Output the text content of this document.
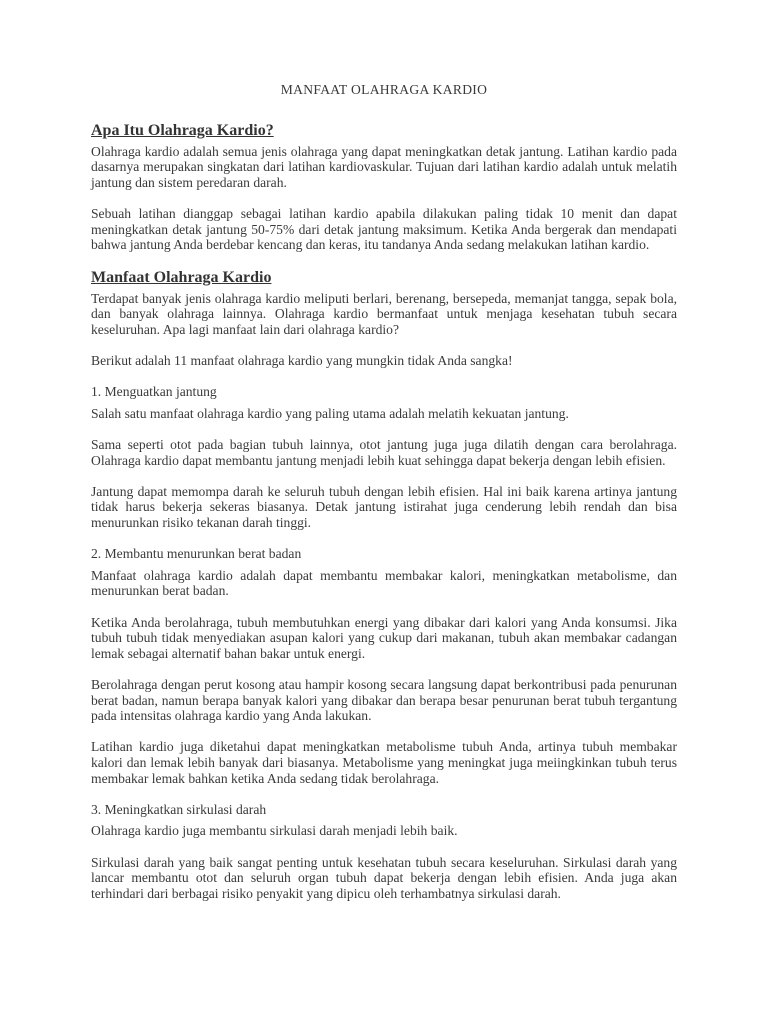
MANFAAT OLAHRAGA KARDIO
Apa Itu Olahraga Kardio?

Olahraga kardio adalah semua jenis olahraga yang dapat meningkatkan detak jantung. Latihan kardio pada dasarnya merupakan singkatan dari latihan kardiovaskular. Tujuan dari latihan kardio adalah untuk melatih jantung dan sistem peredaran darah.

Sebuah latihan dianggap sebagai latihan kardio apabila dilakukan paling tidak 10 menit dan dapat meningkatkan detak jantung 50-75% dari detak jantung maksimum. Ketika Anda bergerak dan mendapati bahwa jantung Anda berdebar kencang dan keras, itu tandanya Anda sedang melakukan latihan kardio.

Manfaat Olahraga Kardio

Terdapat banyak jenis olahraga kardio meliputi berlari, berenang, bersepeda, memanjat tangga, sepak bola, dan banyak olahraga lainnya. Olahraga kardio bermanfaat untuk menjaga kesehatan tubuh secara keseluruhan. Apa lagi manfaat lain dari olahraga kardio?

Berikut adalah 11 manfaat olahraga kardio yang mungkin tidak Anda sangka!

1. Menguatkan jantung

Salah satu manfaat olahraga kardio yang paling utama adalah melatih kekuatan jantung.

Sama seperti otot pada bagian tubuh lainnya, otot jantung juga juga dilatih dengan cara berolahraga. Olahraga kardio dapat membantu jantung menjadi lebih kuat sehingga dapat bekerja dengan lebih efisien.

Jantung dapat memompa darah ke seluruh tubuh dengan lebih efisien. Hal ini baik karena artinya jantung tidak harus bekerja sekeras biasanya. Detak jantung istirahat juga cenderung lebih rendah dan bisa menurunkan risiko tekanan darah tinggi.

2. Membantu menurunkan berat badan

Manfaat olahraga kardio adalah dapat membantu membakar kalori, meningkatkan metabolisme, dan menurunkan berat badan.

Ketika Anda berolahraga, tubuh membutuhkan energi yang dibakar dari kalori yang Anda konsumsi. Jika tubuh tubuh tidak menyediakan asupan kalori yang cukup dari makanan, tubuh akan membakar cadangan lemak sebagai alternatif bahan bakar untuk energi.

Berolahraga dengan perut kosong atau hampir kosong secara langsung dapat berkontribusi pada penurunan berat badan, namun berapa banyak kalori yang dibakar dan berapa besar penurunan berat tubuh tergantung pada intensitas olahraga kardio yang Anda lakukan.

Latihan kardio juga diketahui dapat meningkatkan metabolisme tubuh Anda, artinya tubuh membakar kalori dan lemak lebih banyak dari biasanya. Metabolisme yang meningkat juga meiingkinkan tubuh terus membakar lemak bahkan ketika Anda sedang tidak berolahraga.

3. Meningkatkan sirkulasi darah

Olahraga kardio juga membantu sirkulasi darah menjadi lebih baik.

Sirkulasi darah yang baik sangat penting untuk kesehatan tubuh secara keseluruhan. Sirkulasi darah yang lancar membantu otot dan seluruh organ tubuh dapat bekerja dengan lebih efisien. Anda juga akan terhindari dari berbagai risiko penyakit yang dipicu oleh terhambatnya sirkulasi darah.
